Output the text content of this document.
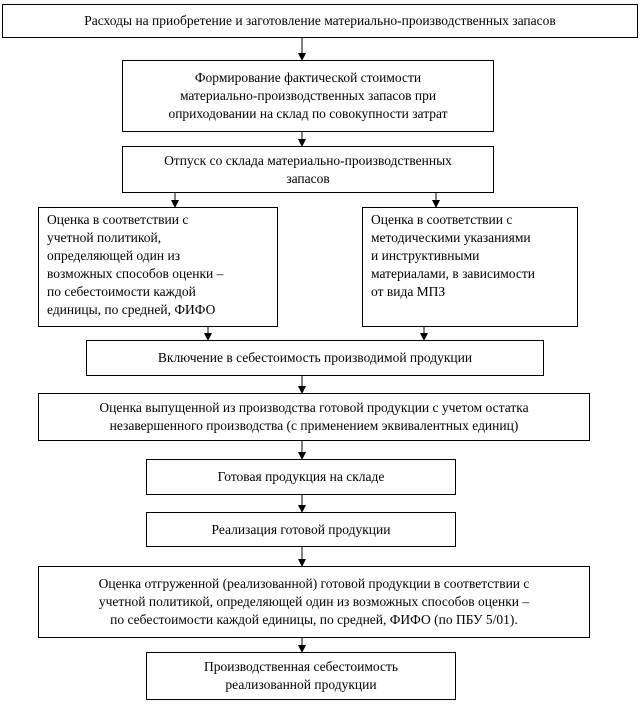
Расходы на приобретение и заготовление материально-производственных запасов
Формирование фактической стоимости
материально-производственных запасов при
оприходовании на склад по совокупности затрат
Отпуск со склада материально-производственных
запасов
Оценка в соответствии с
учетной политикой,
определяющей один из
возможных способов оценки –
по себестоимости каждой
единицы, по средней, ФИФО
Оценка в соответствии с
методическими указаниями
и инструктивными
материалами, в зависимости
от вида МПЗ
Включение в себестоимость производимой продукции
Оценка выпущенной из производства готовой продукции с учетом остатка
незавершенного производства (с применением эквивалентных единиц)
Готовая продукция на складе
Реализация готовой продукции
Оценка отгруженной (реализованной) готовой продукции в соответствии с
учетной политикой, определяющей один из возможных способов оценки –
по себестоимости каждой единицы, по средней, ФИФО (по ПБУ 5/01).
Производственная себестоимость
реализованной продукции
